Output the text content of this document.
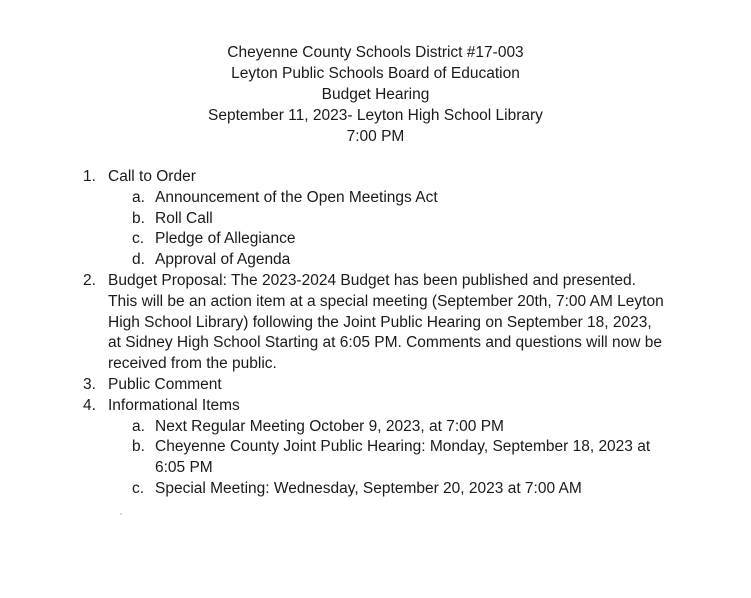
Cheyenne County Schools District #17-003
Leyton Public Schools Board of Education
Budget Hearing
September 11, 2023- Leyton High School Library
7:00 PM
1. Call to Order
a. Announcement of the Open Meetings Act
b. Roll Call
c. Pledge of Allegiance
d. Approval of Agenda
2. Budget Proposal: The 2023-2024 Budget has been published and presented. This will be an action item at a special meeting (September 20th, 7:00 AM Leyton High School Library) following the Joint Public Hearing on September 18, 2023, at Sidney High School Starting at 6:05 PM. Comments and questions will now be received from the public.
3. Public Comment
4. Informational Items
a. Next Regular Meeting October 9, 2023, at 7:00 PM
b. Cheyenne County Joint Public Hearing: Monday, September 18, 2023 at 6:05 PM
c. Special Meeting: Wednesday, September 20, 2023 at 7:00 AM
